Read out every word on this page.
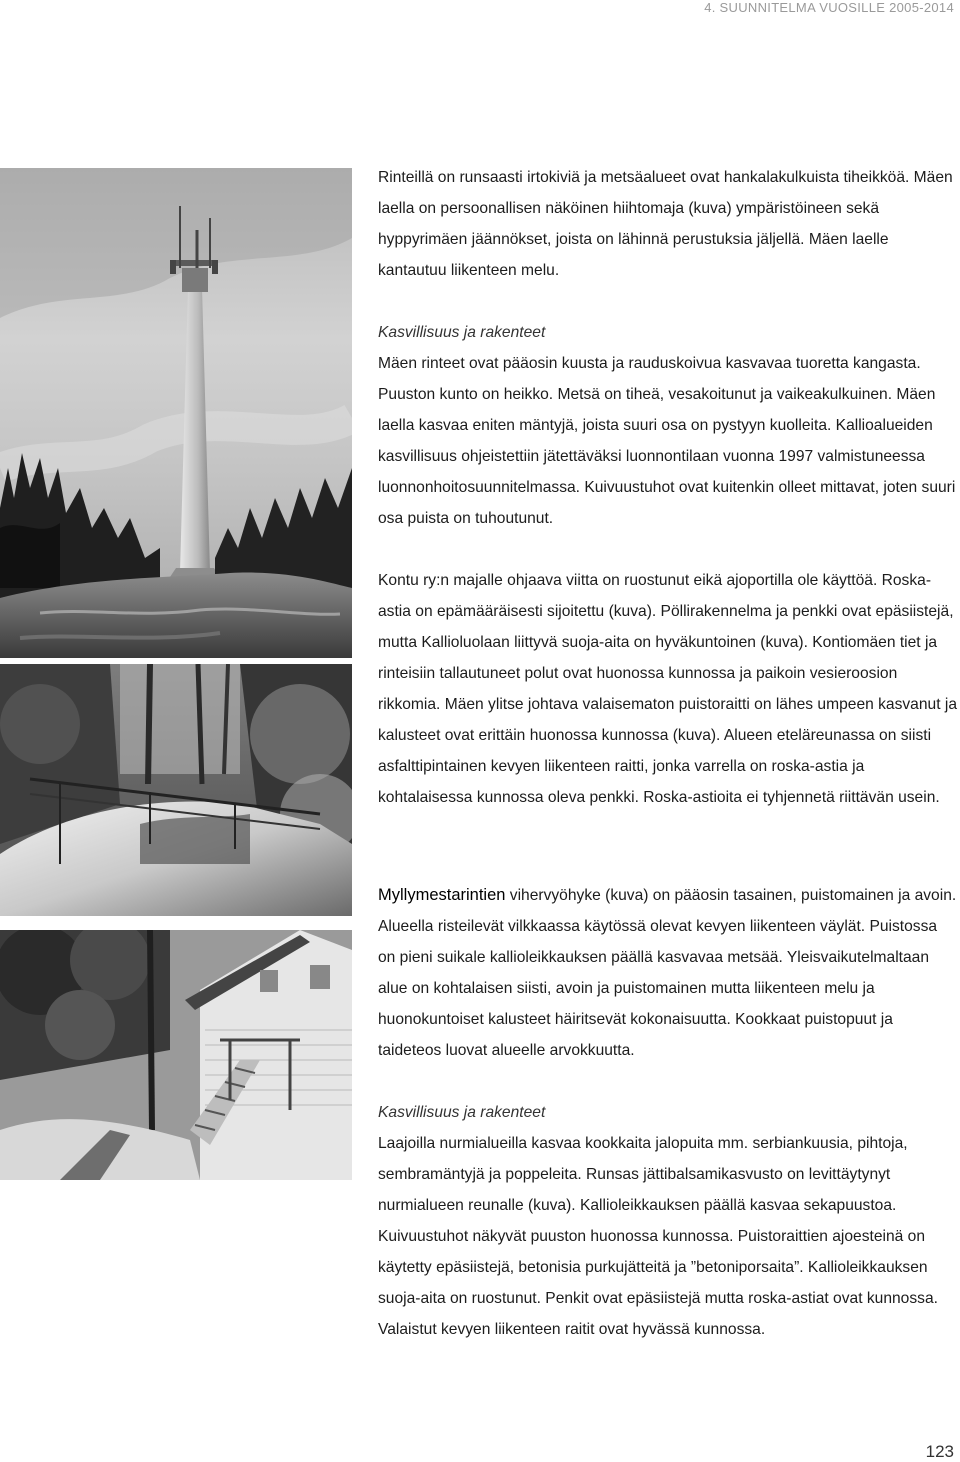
4. SUUNNITELMA VUOSILLE 2005-2014

Rinteillä on runsaasti irtokiviä ja metsäalueet ovat hankalakulkuista tiheikköä. Mäen laella on persoonallisen näköinen hiihtomaja (kuva) ympäristöineen sekä hyppyrimäen jäännökset, joista on lähinnä perustuksia jäljellä. Mäen laelle kantautuu liikenteen melu.

Kasvillisuus ja rakenteet

Mäen rinteet ovat pääosin kuusta ja rauduskoivua kasvavaa tuoretta kangasta. Puuston kunto on heikko. Metsä on tiheä, vesakoitunut ja vaikeakulkuinen. Mäen laella kasvaa eniten mäntyjä, joista suuri osa on pystyyn kuolleita. Kallioalueiden kasvillisuus ohjeistettiin jätettäväksi luonnontilaan vuonna 1997 valmistuneessa luonnonhoitosuunnitelmassa. Kuivuustuhot ovat kuitenkin olleet mittavat, joten suuri osa puista on tuhoutunut.

Kontu ry:n majalle ohjaava viitta on ruostunut eikä ajoportilla ole käyttöä. Roska-astia on epämääräisesti sijoitettu (kuva). Pöllirakennelma ja penkki ovat epäsiistejä, mutta Kallioluolaan liittyvä suoja-aita on hyväkuntoinen (kuva). Kontiomäen tiet ja rinteisiin tallautuneet polut ovat huonossa kunnossa ja paikoin vesieroosion rikkomia. Mäen ylitse johtava valaisematon puistoraitti on lähes umpeen kasvanut ja kalusteet ovat erittäin huonossa kunnossa (kuva). Alueen eteläreunassa on siisti asfalttipintainen kevyen liikenteen raitti, jonka varrella on roska-astia ja kohtalaisessa kunnossa oleva penkki. Roska-astioita ei tyhjennetä riittävän usein.

Myllymestarintien vihervyöhyke (kuva) on pääosin tasainen, puistomainen ja avoin. Alueella risteilevät vilkkaassa käytössä olevat kevyen liikenteen väylät. Puistossa on pieni suikale kallioleikkauksen päällä kasvavaa metsää. Yleisvaikutelmaltaan alue on kohtalaisen siisti, avoin ja puistomainen mutta liikenteen melu ja huonokuntoiset kalusteet häiritsevät kokonaisuutta. Kookkaat puistopuut ja taideteos luovat alueelle arvokkuutta.

Kasvillisuus ja rakenteet

Laajoilla nurmialueilla kasvaa kookkaita jalopuita mm. serbiankuusia, pihtoja, sembramäntyjä ja poppeleita. Runsas jättibalsamikasvusto on levittäytynyt nurmialueen reunalle (kuva). Kallioleikkauksen päällä kasvaa sekapuustoa. Kuivuustuhot näkyvät puuston huonossa kunnossa. Puistoraittien ajoesteinä on käytetty epäsiistejä, betonisia purkujätteitä ja ”betoniporsaita”. Kallioleikkauksen suoja-aita on ruostunut. Penkit ovat epäsiistejä mutta roska-astiat ovat kunnossa. Valaistut kevyen liikenteen raitit ovat hyvässä kunnossa.

123
